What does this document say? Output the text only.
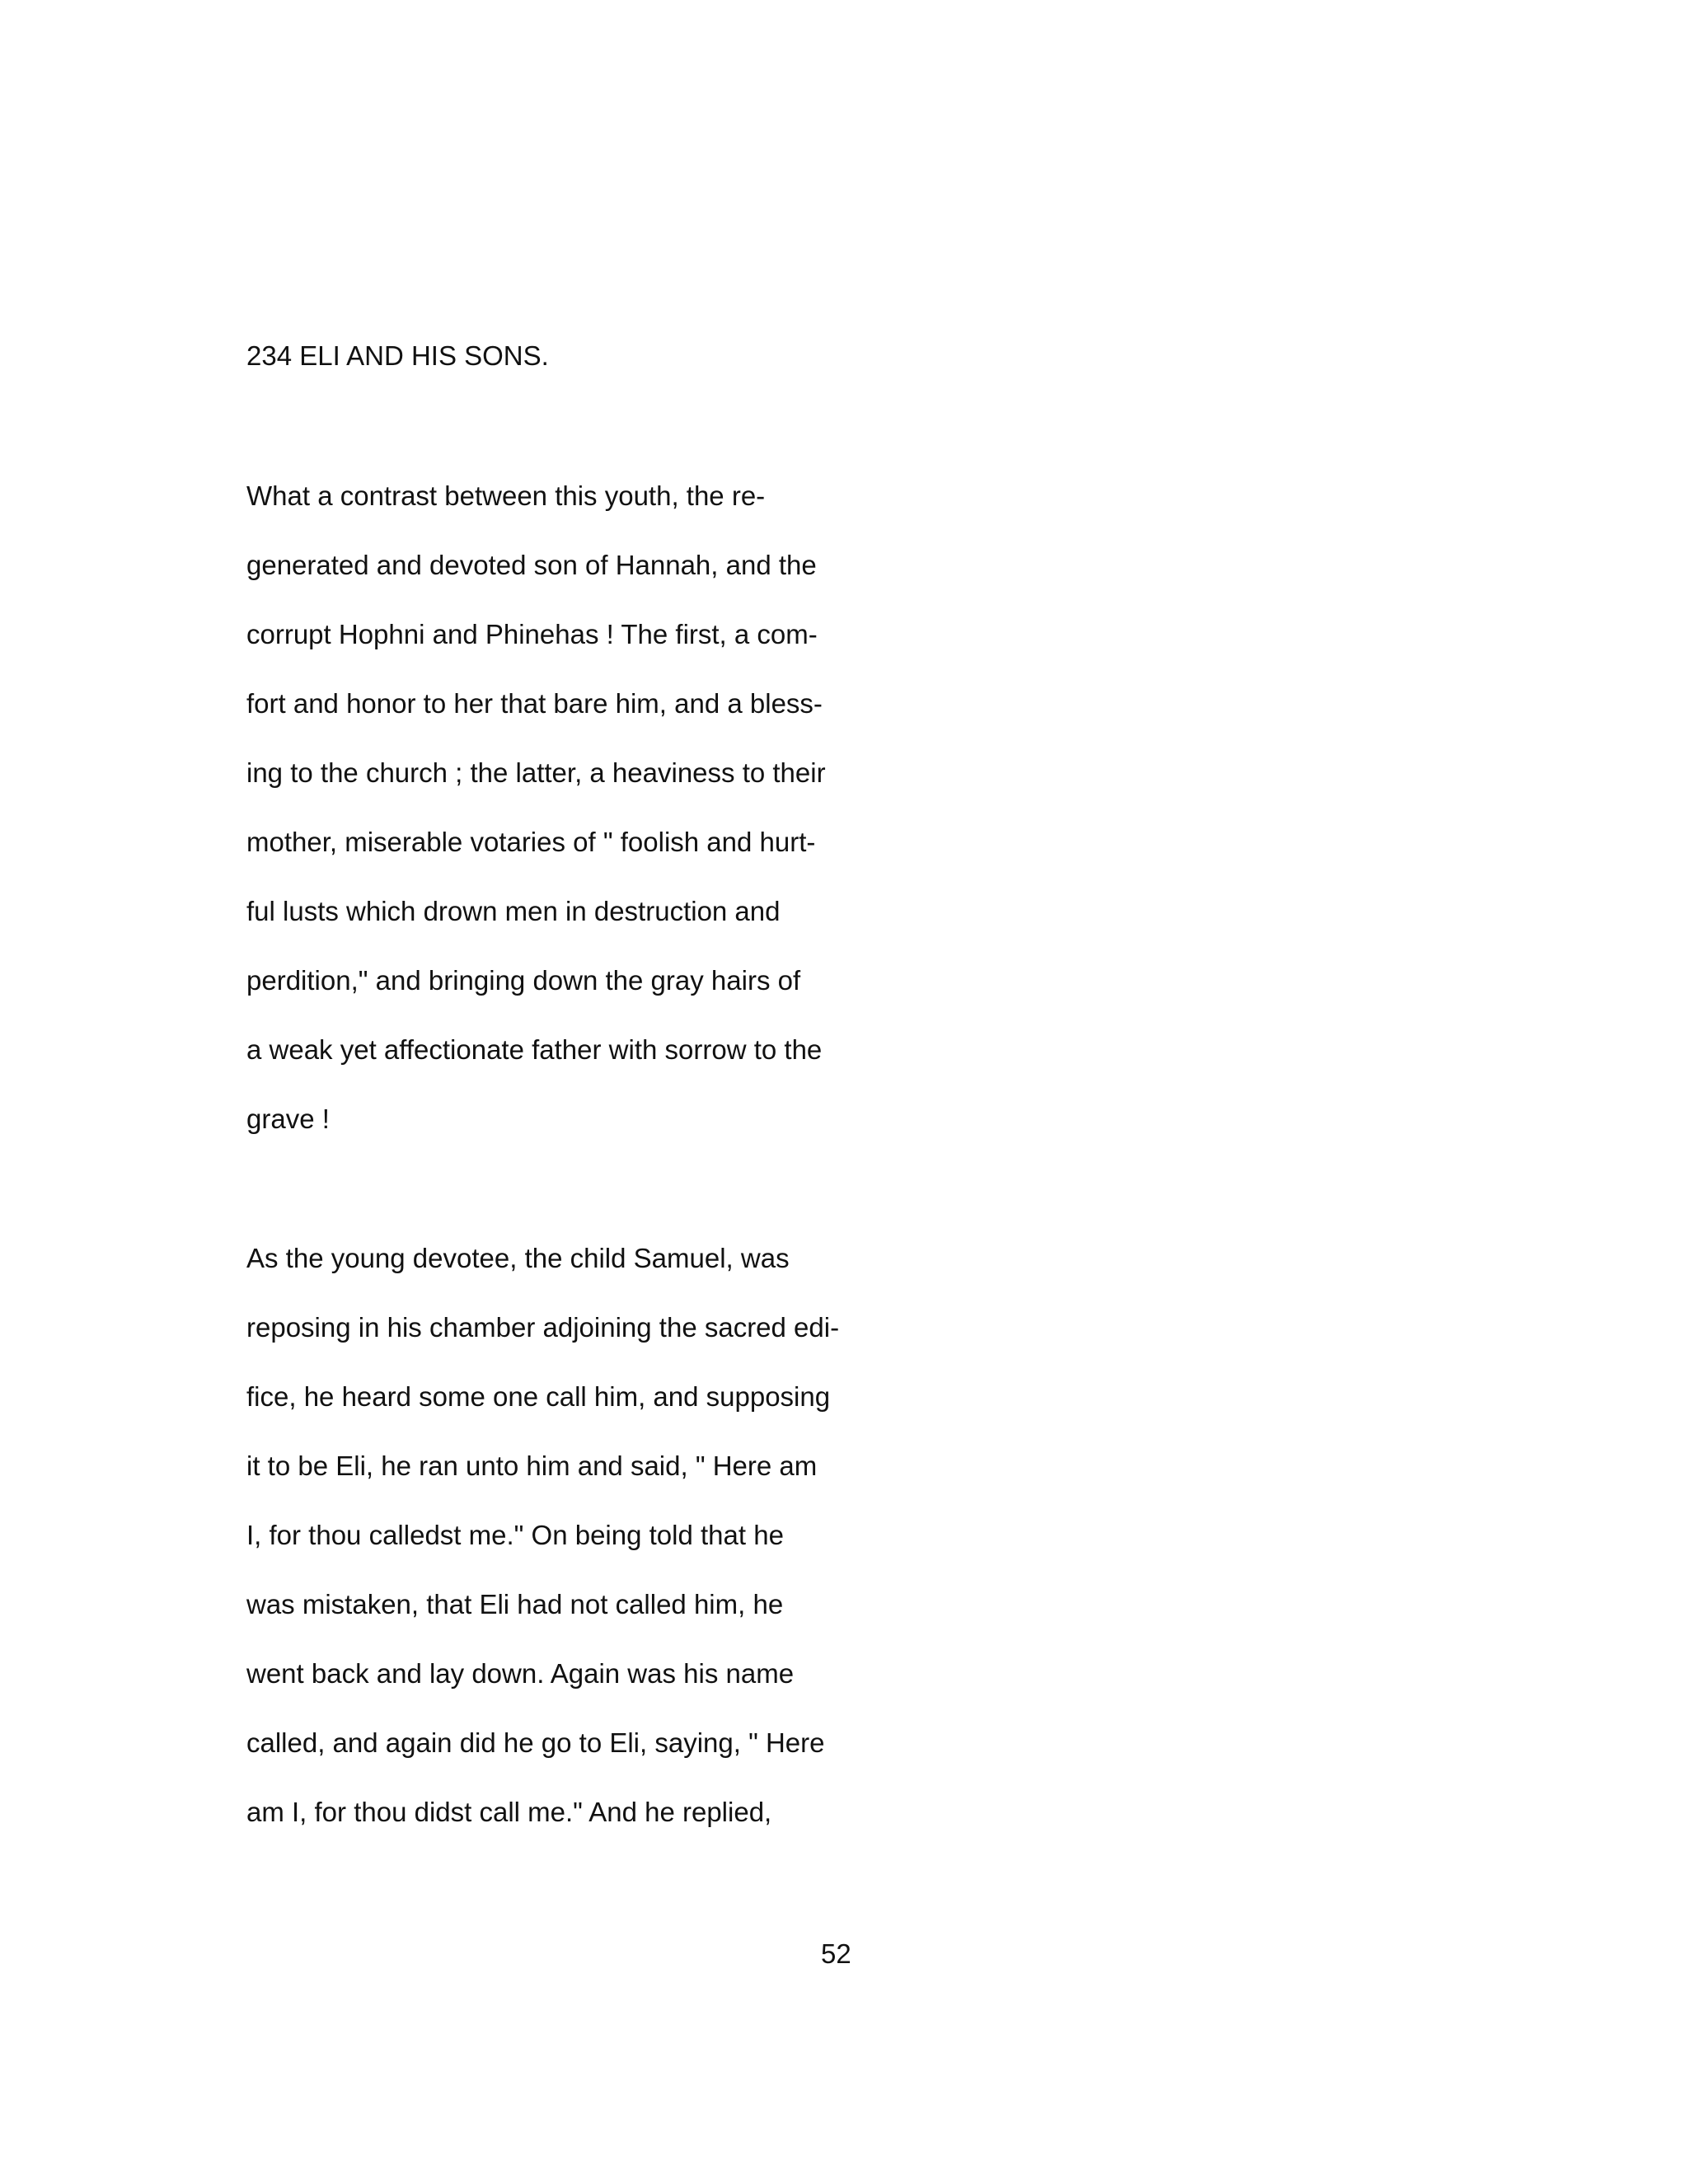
234 ELI AND HIS SONS.
What a contrast between this youth, the re-
generated and devoted son of Hannah, and the
corrupt Hophni and Phinehas ! The first, a com-
fort and honor to her that bare him, and a bless-
ing to the church ; the latter, a heaviness to their
mother, miserable votaries of " foolish and hurt-
ful lusts which drown men in destruction and
perdition," and bringing down the gray hairs of
a weak yet affectionate father with sorrow to the
grave !
As the young devotee, the child Samuel, was
reposing in his chamber adjoining the sacred edi-
fice, he heard some one call him, and supposing
it to be Eli, he ran unto him and said, " Here am
I, for thou calledst me." On being told that he
was mistaken, that Eli had not called him, he
went back and lay down. Again was his name
called, and again did he go to Eli, saying, " Here
am I, for thou didst call me." And he replied,
52
